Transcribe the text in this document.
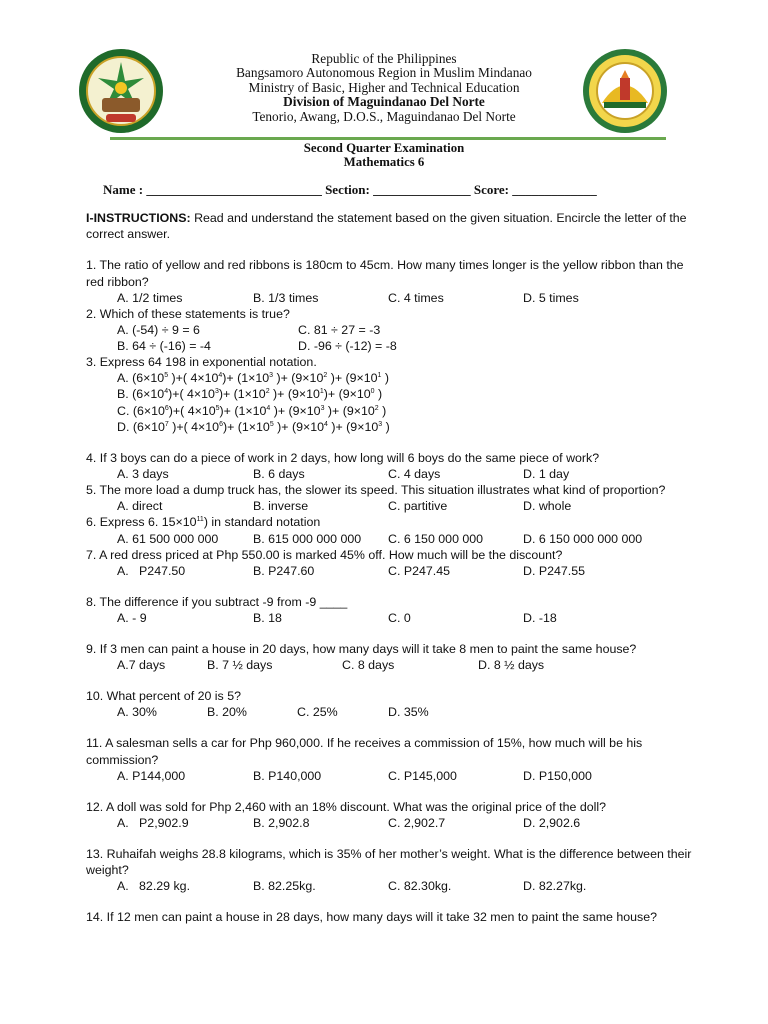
Republic of the Philippines
Bangsamoro Autonomous Region in Muslim Mindanao
Ministry of Basic, Higher and Technical Education
Division of Maguindanao Del Norte
Tenorio, Awang, D.O.S., Maguindanao Del Norte
Second Quarter Examination
Mathematics 6
Name : ___________________________ Section: _______________ Score: _____________

I-INSTRUCTIONS: Read and understand the statement based on the given situation. Encircle the letter of the correct answer.

1. The ratio of yellow and red ribbons is 180cm to 45cm. How many times longer is the yellow ribbon than the red ribbon?

A. 1/2 times	B. 1/3 times	C. 4 times	D. 5 times

2. Which of these statements is true?

A. (-54) ÷ 9 = 6	C. 81 ÷ 27 = -3
B. 64 ÷ (-16) = -4	D. -96 ÷ (-12) = -8

3. Express 64 198 in exponential notation.

A. ($6\times 10^5$ )+( $4\times 10^4)+ (1\times 10^3$ )+ ($9\times 10^2$ )+ ($9\times 10^1$ )
B. $(6\times 10^4)+$( $4\times 10^3)+ (1\times 10^2$ )+ $(9\times 10^1)+ (9\times 10^0$ )
C. $(6\times 10^6)+$( $4\times 10^5)+ (1\times 10^4$ )+ ($9\times 10^3$ )+ ($9\times 10^2$ )
D. ($6\times 10^7$ )+( $4\times 10^6)+ (1\times 10^5$ )+ ($9\times 10^4$ )+ ($9\times 10^3$ )

4. If 3 boys can do a piece of work in 2 days, how long will 6 boys do the same piece of work?

A. 3 days	B. 6 days	C. 4 days	D. 1 day

5. The more load a dump truck has, the slower its speed. This situation illustrates what kind of proportion?

A. direct	B. inverse	C. partitive	D. whole

6. Express 6. $15\times 10^{11}$) in standard notation

A. 61 500 000 000	B. 615 000 000 000 C. 6 150 000 000	D. 6 150 000 000 000

7. A red dress priced at Php 550.00 is marked 45% off. How much will be the discount?

A.   P247.50	B. P247.60	C. P247.45	D. P247.55

8. The difference if you subtract -9 from -9 ____

A. - 9	B. 18	C. 0	D. -18

9. If 3 men can paint a house in 20 days, how many days will it take 8 men to paint the same house?

A.7 days	B. 7 ½ days	C. 8 days	D. 8 ½ days

10. What percent of 20 is 5?

A. 30%	B. 20%	C. 25%	D. 35%

11. A salesman sells a car for Php 960,000. If he receives a commission of 15%, how much will be his commission?

A. P144,000	B. P140,000	C. P145,000	D. P150,000

12. A doll was sold for Php 2,460 with an 18% discount. What was the original price of the doll?

A.   P2,902.9	B. 2,902.8	C. 2,902.7	D. 2,902.6

13. Ruhaifah weighs 28.8 kilograms, which is 35% of her mother’s weight. What is the difference between their weight?

A.   82.29 kg.	B. 82.25kg.	C. 82.30kg.	D. 82.27kg.

14. If 12 men can paint a house in 28 days, how many days will it take 32 men to paint the same house?
